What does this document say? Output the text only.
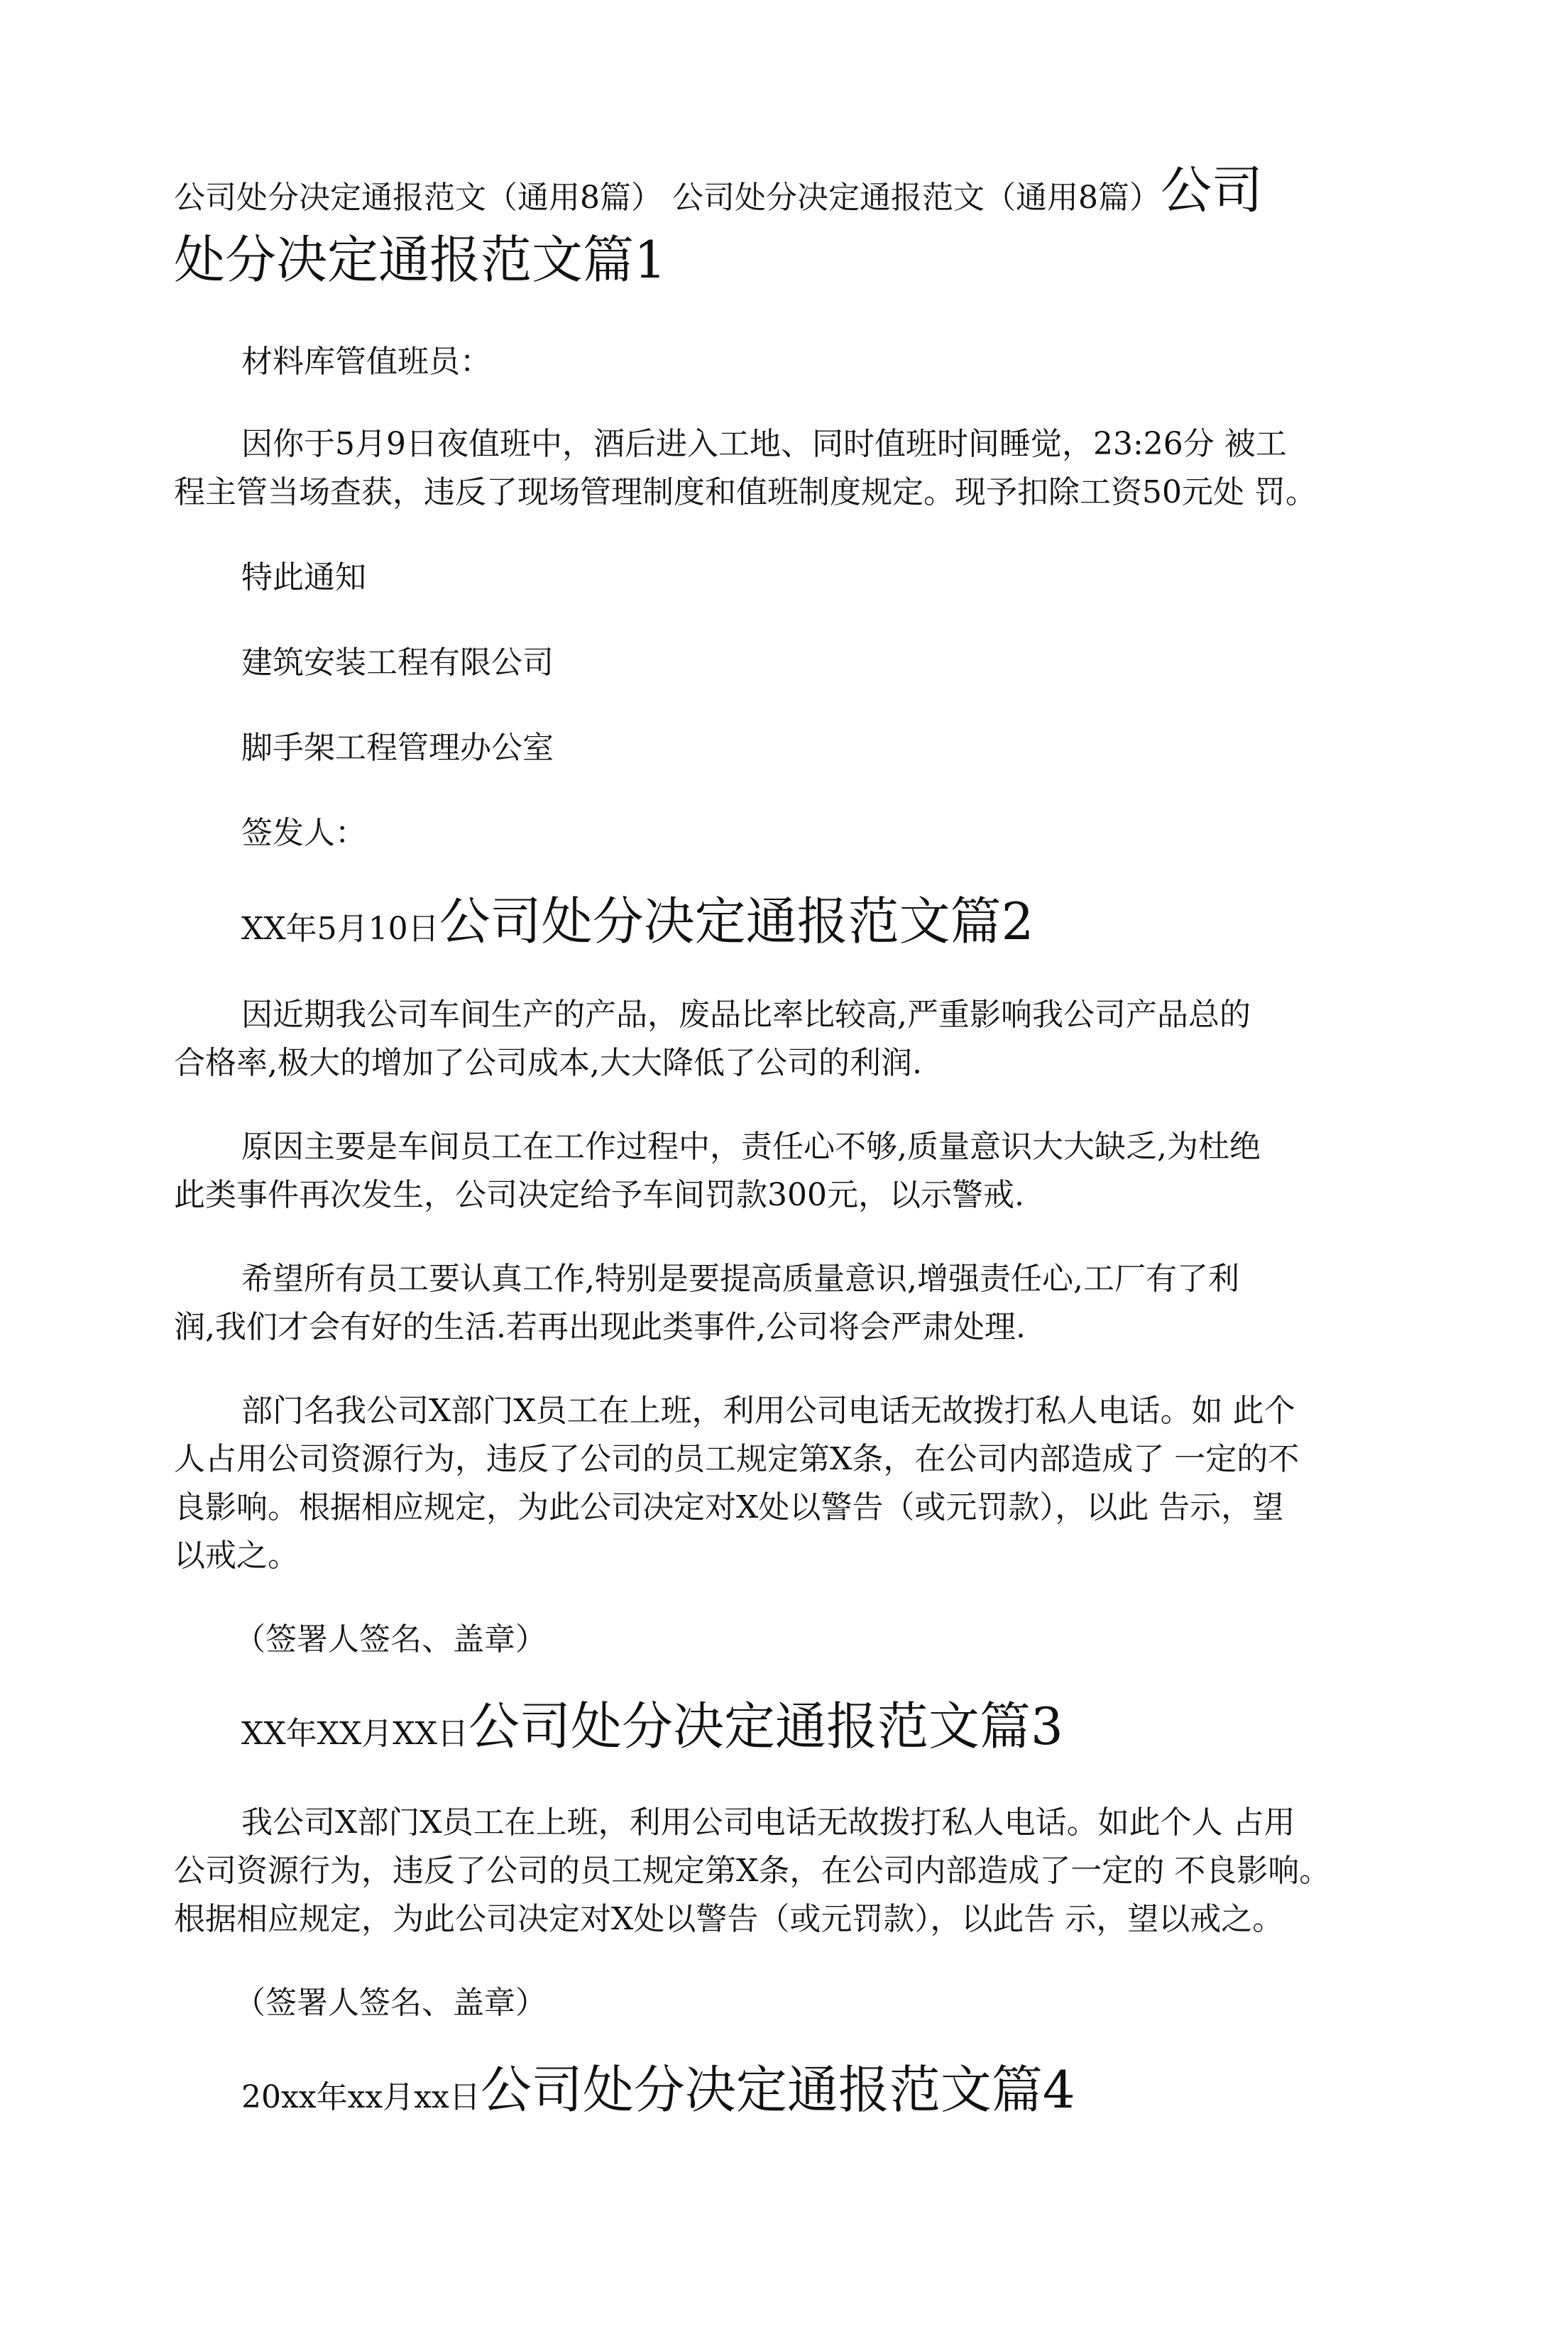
公司处分决定通报范文（通用8篇） 公司处分决定通报范文（通用8篇）公司
处分决定通报范文篇1
材料库管值班员：
因你于5月9日夜值班中，酒后进入工地、同时值班时间睡觉，23:26分 被工
程主管当场查获，违反了现场管理制度和值班制度规定。现予扣除工资50元处 罚。
特此通知
建筑安装工程有限公司
脚手架工程管理办公室
签发人：
XX年5月10日公司处分决定通报范文篇2
因近期我公司车间生产的产品，废品比率比较高,严重影响我公司产品总的
合格率,极大的增加了公司成本,大大降低了公司的利润.
原因主要是车间员工在工作过程中，责任心不够,质量意识大大缺乏,为杜绝
此类事件再次发生，公司决定给予车间罚款300元，以示警戒.
希望所有员工要认真工作,特别是要提高质量意识,增强责任心,工厂有了利
润,我们才会有好的生活.若再出现此类事件,公司将会严肃处理.
部门名我公司X部门X员工在上班，利用公司电话无故拨打私人电话。如 此个
人占用公司资源行为，违反了公司的员工规定第X条，在公司内部造成了 一定的不
良影响。根据相应规定，为此公司决定对X处以警告（或元罚款），以此 告示，望
以戒之。
（签署人签名、盖章）
XX年XX月XX日公司处分决定通报范文篇3
我公司X部门X员工在上班，利用公司电话无故拨打私人电话。如此个人 占用
公司资源行为，违反了公司的员工规定第X条，在公司内部造成了一定的 不良影响。
根据相应规定，为此公司决定对X处以警告（或元罚款），以此告 示，望以戒之。
（签署人签名、盖章）
20xx年xx月xx日公司处分决定通报范文篇4
